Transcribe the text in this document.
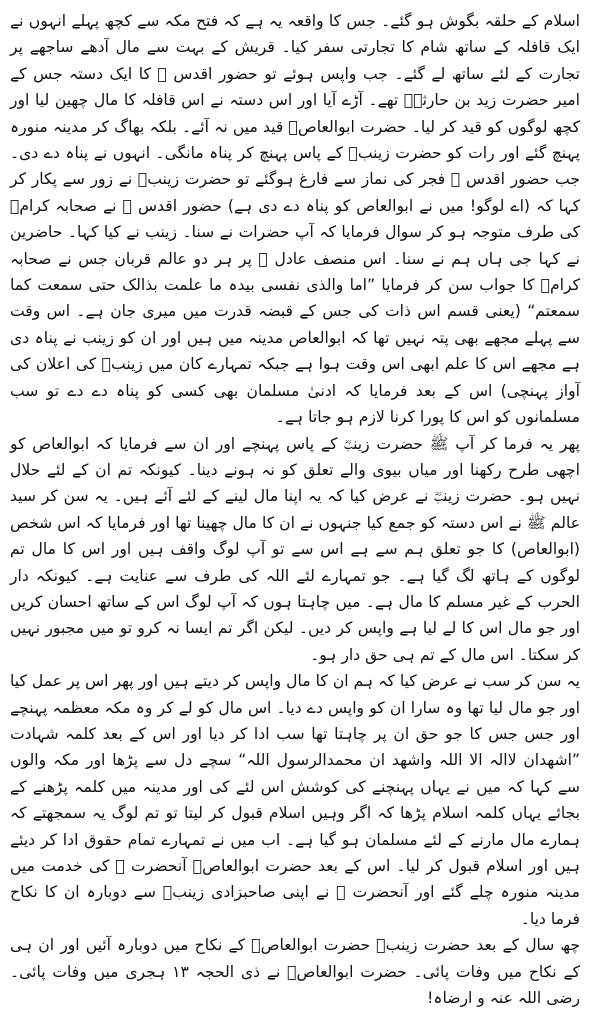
اسلام کے حلقہ بگوش ہو گئے۔ جس کا واقعہ یہ ہے کہ فتح مکہ سے کچھ پہلے انہوں نے ایک قافلہ کے ساتھ شام کا تجارتی سفر کیا۔ قریش کے بہت سے مال آدھے ساجھے پر تجارت کے لئے ساتھ لے گئے۔ جب واپس ہوئے تو حضور اقدس ﷺ کا ایک دستہ جس کے امیر حضرت زید بن حارثہؓ تھے۔ آڑے آیا اور اس دستہ نے اس قافلہ کا مال چھین لیا اور کچھ لوگوں کو قید کر لیا۔ حضرت ابوالعاصؓ قید میں نہ آئے۔ بلکہ بھاگ کر مدینہ منورہ پہنچ گئے اور رات کو حضرت زینبؓ کے پاس پہنچ کر پناہ مانگی۔ انہوں نے پناہ دے دی۔ جب حضور اقدس ﷺ فجر کی نماز سے فارغ ہوگئے تو حضرت زینبؓ نے زور سے پکار کر کہا کہ (اے لوگو! میں نے ابوالعاص کو پناہ دے دی ہے) حضور اقدس ﷺ نے صحابہ کرامؓ کی طرف متوجہ ہو کر سوال فرمایا کہ آپ حضرات نے سنا۔ زینب نے کیا کہا۔ حاضرین نے کہا جی ہاں ہم نے سنا۔ اس منصف عادل ﷺ پر ہر دو عالم قربان جس نے صحابہ کرامؓ کا جواب سن کر فرمایا ”اما والذی نفسی بیدہ ما علمت بذالک حتی سمعت کما سمعتم“ (یعنی قسم اس ذات کی جس کے قبضہ قدرت میں میری جان ہے۔ اس وقت سے پہلے مجھے بھی پتہ نہیں تھا کہ ابوالعاص مدینہ میں ہیں اور ان کو زینب نے پناہ دی ہے مجھے اس کا علم ابھی اس وقت ہوا ہے جبکہ تمہارے کان میں زینبؓ کی اعلان کی آواز پہنچی) اس کے بعد فرمایا کہ ادنیٰ مسلمان بھی کسی کو پناہ دے دے تو سب مسلمانوں کو اس کا پورا کرنا لازم ہو جاتا ہے۔

پھر یہ فرما کر آپ ﷺ حضرت زینبؓ کے پاس پہنچے اور ان سے فرمایا کہ ابوالعاص کو اچھی طرح رکھنا اور میاں بیوی والے تعلق کو نہ ہونے دینا۔ کیونکہ تم ان کے لئے حلال نہیں ہو۔ حضرت زینبؓ نے عرض کیا کہ یہ اپنا مال لینے کے لئے آئے ہیں۔ یہ سن کر سید عالم ﷺ نے اس دستہ کو جمع کیا جنہوں نے ان کا مال چھینا تھا اور فرمایا کہ اس شخص (ابوالعاص) کا جو تعلق ہم سے ہے اس سے تو آپ لوگ واقف ہیں اور اس کا مال تم لوگوں کے ہاتھ لگ گیا ہے۔ جو تمہارے لئے اللہ کی طرف سے عنایت ہے۔ کیونکہ دار الحرب کے غیر مسلم کا مال ہے۔ میں چاہتا ہوں کہ آپ لوگ اس کے ساتھ احسان کریں اور جو مال اس کا لے لیا ہے واپس کر دیں۔ لیکن اگر تم ایسا نہ کرو تو میں مجبور نہیں کر سکتا۔ اس مال کے تم ہی حق دار ہو۔

یہ سن کر سب نے عرض کیا کہ ہم ان کا مال واپس کر دیتے ہیں اور پھر اس پر عمل کیا اور جو مال لیا تھا وہ سارا ان کو واپس دے دیا۔ اس مال کو لے کر وہ مکہ معظمہ پہنچے اور جس جس کا جو حق ان پر چاہتا تھا سب ادا کر دیا اور اس کے بعد کلمہ شہادت ”اشھدان لاالہ الا اللہ واشھد ان محمدالرسول اللہ“ سچے دل سے پڑھا اور مکہ والوں سے کہا کہ میں نے یہاں پہنچنے کی کوشش اس لئے کی اور مدینہ میں کلمہ پڑھنے کے بجائے یہاں کلمہ اسلام پڑھا کہ اگر وہیں اسلام قبول کر لیتا تو تم لوگ یہ سمجھتے کہ ہمارے مال مارنے کے لئے مسلمان ہو گیا ہے۔ اب میں نے تمہارے تمام حقوق ادا کر دیئے ہیں اور اسلام قبول کر لیا۔ اس کے بعد حضرت ابوالعاصؓ آنحضرت ﷺ کی خدمت میں مدینہ منورہ چلے گئے اور آنحضرت ﷺ نے اپنی صاحبزادی زینبؓ سے دوبارہ ان کا نکاح فرما دیا۔

چھ سال کے بعد حضرت زینبؓ حضرت ابوالعاصؓ کے نکاح میں دوبارہ آئیں اور ان ہی کے نکاح میں وفات پائی۔ حضرت ابوالعاصؓ نے ذی الحجہ ۱۳ ہجری میں وفات پائی۔ رضی اللہ عنہ و ارضاہ!
